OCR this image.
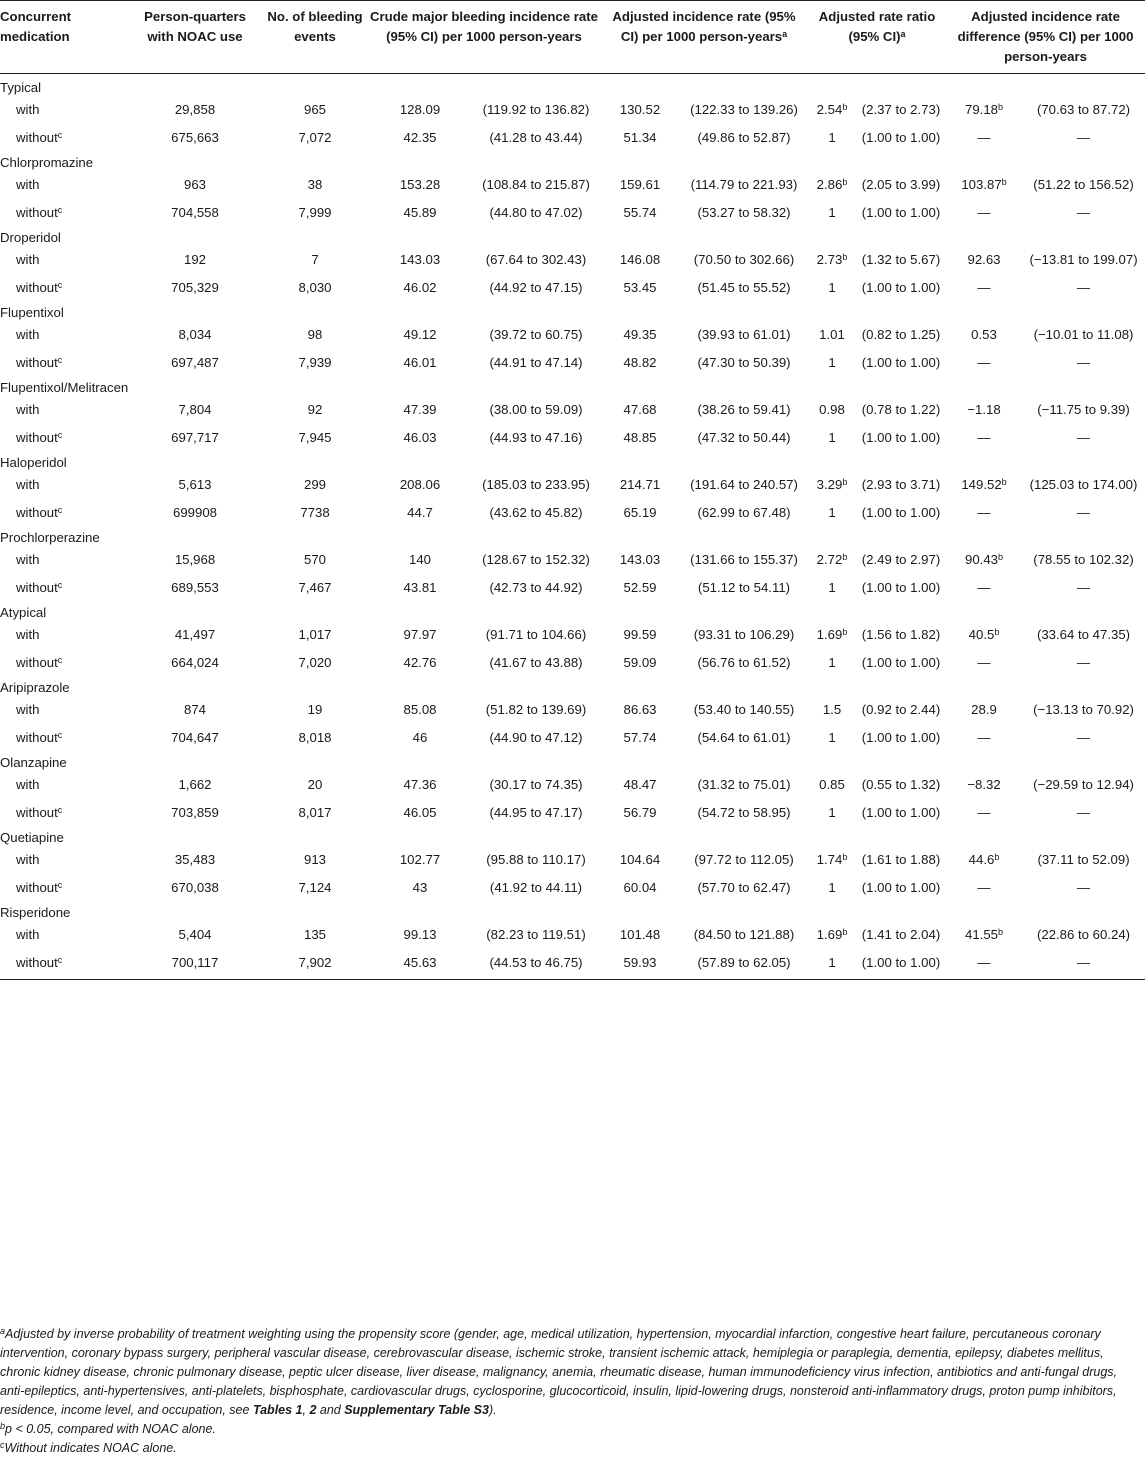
Concurrent medication	Person-quarters with NOAC use	No. of bleeding events	Crude major bleeding incidence rate (95% CI) per 1000 person-years		Adjusted incidence rate (95% CI) per 1000 person-years$^a$		Adjusted rate ratio (95% CI)$^a$		Adjusted incidence rate difference (95% CI) per 1000 person-years	
Typical										
with	29,858	965	128.09	(119.92 to 136.82)	130.52	(122.33 to 139.26)	2.54$^b$	(2.37 to 2.73)	79.18$^b$	(70.63 to 87.72)
without$^c$	675,663	7,072	42.35	(41.28 to 43.44)	51.34	(49.86 to 52.87)	1	(1.00 to 1.00)	—	—
Chlorpromazine										
with	963	38	153.28	(108.84 to 215.87)	159.61	(114.79 to 221.93)	2.86$^b$	(2.05 to 3.99)	103.87$^b$	(51.22 to 156.52)
without$^c$	704,558	7,999	45.89	(44.80 to 47.02)	55.74	(53.27 to 58.32)	1	(1.00 to 1.00)	—	—
Droperidol										
with	192	7	143.03	(67.64 to 302.43)	146.08	(70.50 to 302.66)	2.73$^b$	(1.32 to 5.67)	92.63	(−13.81 to 199.07)
without$^c$	705,329	8,030	46.02	(44.92 to 47.15)	53.45	(51.45 to 55.52)	1	(1.00 to 1.00)	—	—
Flupentixol										
with	8,034	98	49.12	(39.72 to 60.75)	49.35	(39.93 to 61.01)	1.01	(0.82 to 1.25)	0.53	(−10.01 to 11.08)
without$^c$	697,487	7,939	46.01	(44.91 to 47.14)	48.82	(47.30 to 50.39)	1	(1.00 to 1.00)	—	—
Flupentixol/Melitracen										
with	7,804	92	47.39	(38.00 to 59.09)	47.68	(38.26 to 59.41)	0.98	(0.78 to 1.22)	−1.18	(−11.75 to 9.39)
without$^c$	697,717	7,945	46.03	(44.93 to 47.16)	48.85	(47.32 to 50.44)	1	(1.00 to 1.00)	—	—
Haloperidol										
with	5,613	299	208.06	(185.03 to 233.95)	214.71	(191.64 to 240.57)	3.29$^b$	(2.93 to 3.71)	149.52$^b$	(125.03 to 174.00)
without$^c$	699908	7738	44.7	(43.62 to 45.82)	65.19	(62.99 to 67.48)	1	(1.00 to 1.00)	—	—
Prochlorperazine										
with	15,968	570	140	(128.67 to 152.32)	143.03	(131.66 to 155.37)	2.72$^b$	(2.49 to 2.97)	90.43$^b$	(78.55 to 102.32)
without$^c$	689,553	7,467	43.81	(42.73 to 44.92)	52.59	(51.12 to 54.11)	1	(1.00 to 1.00)	—	—
Atypical										
with	41,497	1,017	97.97	(91.71 to 104.66)	99.59	(93.31 to 106.29)	1.69$^b$	(1.56 to 1.82)	40.5$^b$	(33.64 to 47.35)
without$^c$	664,024	7,020	42.76	(41.67 to 43.88)	59.09	(56.76 to 61.52)	1	(1.00 to 1.00)	—	—
Aripiprazole										
with	874	19	85.08	(51.82 to 139.69)	86.63	(53.40 to 140.55)	1.5	(0.92 to 2.44)	28.9	(−13.13 to 70.92)
without$^c$	704,647	8,018	46	(44.90 to 47.12)	57.74	(54.64 to 61.01)	1	(1.00 to 1.00)	—	—
Olanzapine										
with	1,662	20	47.36	(30.17 to 74.35)	48.47	(31.32 to 75.01)	0.85	(0.55 to 1.32)	−8.32	(−29.59 to 12.94)
without$^c$	703,859	8,017	46.05	(44.95 to 47.17)	56.79	(54.72 to 58.95)	1	(1.00 to 1.00)	—	—
Quetiapine										
with	35,483	913	102.77	(95.88 to 110.17)	104.64	(97.72 to 112.05)	1.74$^b$	(1.61 to 1.88)	44.6$^b$	(37.11 to 52.09)
without$^c$	670,038	7,124	43	(41.92 to 44.11)	60.04	(57.70 to 62.47)	1	(1.00 to 1.00)	—	—
Risperidone										
with	5,404	135	99.13	(82.23 to 119.51)	101.48	(84.50 to 121.88)	1.69$^b$	(1.41 to 2.04)	41.55$^b$	(22.86 to 60.24)
without$^c$	700,117	7,902	45.63	(44.53 to 46.75)	59.93	(57.89 to 62.05)	1	(1.00 to 1.00)	—	—

$^a$Adjusted by inverse probability of treatment weighting using the propensity score (gender, age, medical utilization, hypertension, myocardial infarction, congestive heart failure, percutaneous coronary intervention, coronary bypass surgery, peripheral vascular disease, cerebrovascular disease, ischemic stroke, transient ischemic attack, hemiplegia or paraplegia, dementia, epilepsy, diabetes mellitus, chronic kidney disease, chronic pulmonary disease, peptic ulcer disease, liver disease, malignancy, anemia, rheumatic disease, human immunodeficiency virus infection, antibiotics and anti-fungal drugs, anti-epileptics, anti-hypertensives, anti-platelets, bisphosphate, cardiovascular drugs, cyclosporine, glucocorticoid, insulin, lipid-lowering drugs, nonsteroid anti-inflammatory drugs, proton pump inhibitors, residence, income level, and occupation, see Tables 1, 2 and Supplementary Table S3).

$^b$p < 0.05, compared with NOAC alone.

$^c$Without indicates NOAC alone.
